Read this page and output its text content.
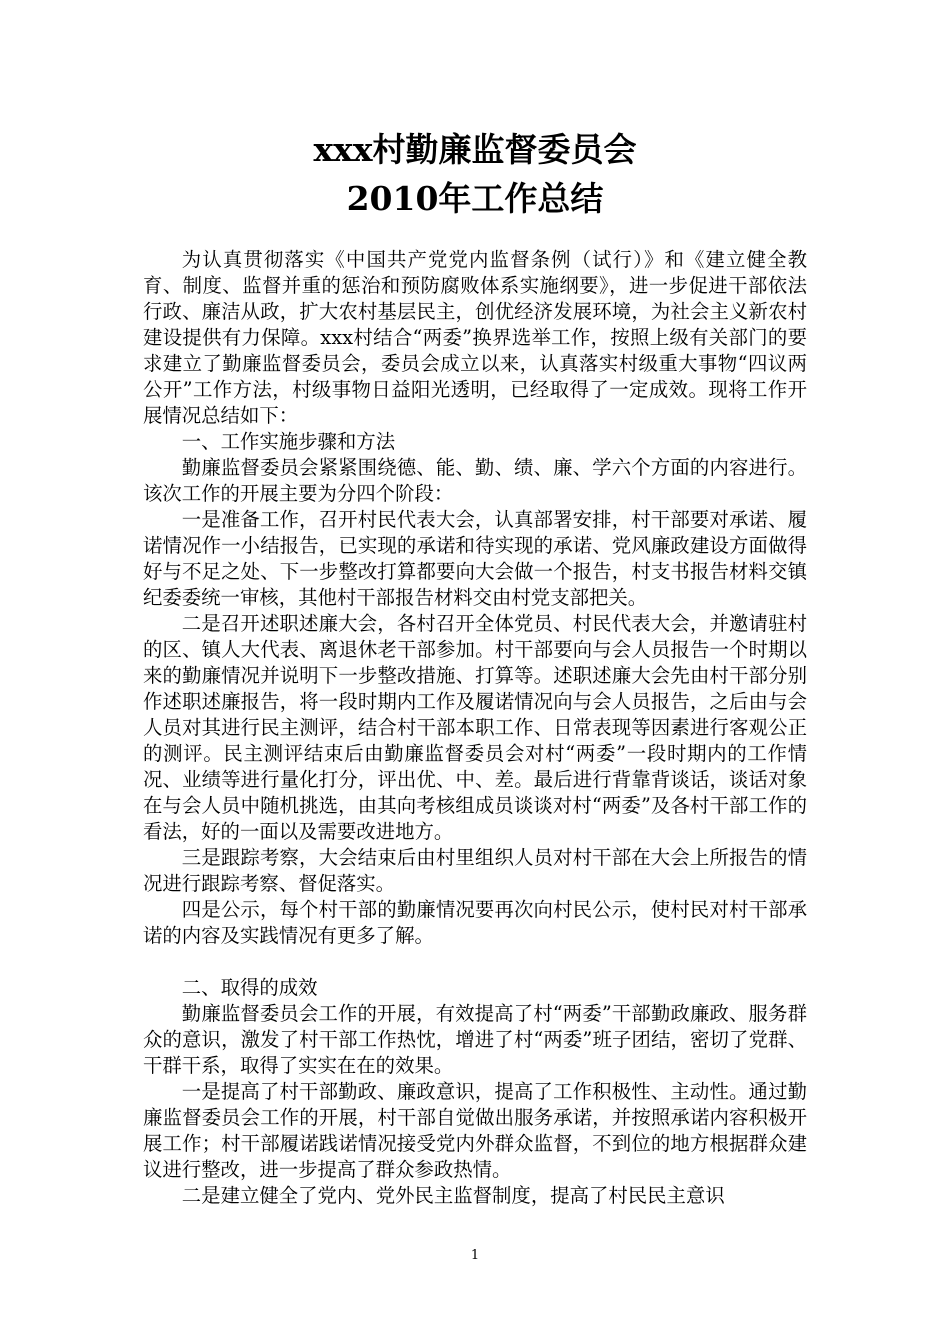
xxx村勤廉监督委员会
2010年工作总结

为认真贯彻落实《中国共产党党内监督条例（试行）》和《建立健全教育、制度、监督并重的惩治和预防腐败体系实施纲要》，进一步促进干部依法行政、廉洁从政，扩大农村基层民主，创优经济发展环境，为社会主义新农村建设提供有力保障。xxx村结合“两委”换界选举工作，按照上级有关部门的要求建立了勤廉监督委员会，委员会成立以来，认真落实村级重大事物“四议两公开”工作方法，村级事物日益阳光透明，已经取得了一定成效。现将工作开展情况总结如下：

一、工作实施步骤和方法

勤廉监督委员会紧紧围绕德、能、勤、绩、廉、学六个方面的内容进行。该次工作的开展主要为分四个阶段：

一是准备工作，召开村民代表大会，认真部署安排，村干部要对承诺、履诺情况作一小结报告，已实现的承诺和待实现的承诺、党风廉政建设方面做得好与不足之处、下一步整改打算都要向大会做一个报告，村支书报告材料交镇纪委委统一审核，其他村干部报告材料交由村党支部把关。

二是召开述职述廉大会，各村召开全体党员、村民代表大会，并邀请驻村的区、镇人大代表、离退休老干部参加。村干部要向与会人员报告一个时期以来的勤廉情况并说明下一步整改措施、打算等。述职述廉大会先由村干部分别作述职述廉报告，将一段时期内工作及履诺情况向与会人员报告，之后由与会人员对其进行民主测评，结合村干部本职工作、日常表现等因素进行客观公正的测评。民主测评结束后由勤廉监督委员会对村“两委”一段时期内的工作情况、业绩等进行量化打分，评出优、中、差。最后进行背靠背谈话，谈话对象在与会人员中随机挑选，由其向考核组成员谈谈对村“两委”及各村干部工作的看法，好的一面以及需要改进地方。

三是跟踪考察，大会结束后由村里组织人员对村干部在大会上所报告的情况进行跟踪考察、督促落实。

四是公示，每个村干部的勤廉情况要再次向村民公示，使村民对村干部承诺的内容及实践情况有更多了解。

二、取得的成效

勤廉监督委员会工作的开展，有效提高了村“两委”干部勤政廉政、服务群众的意识，激发了村干部工作热忱，增进了村“两委”班子团结，密切了党群、干群干系，取得了实实在在的效果。

一是提高了村干部勤政、廉政意识，提高了工作积极性、主动性。通过勤廉监督委员会工作的开展，村干部自觉做出服务承诺，并按照承诺内容积极开展工作；村干部履诺践诺情况接受党内外群众监督，不到位的地方根据群众建议进行整改，进一步提高了群众参政热情。

二是建立健全了党内、党外民主监督制度，提高了村民民主意识

1
